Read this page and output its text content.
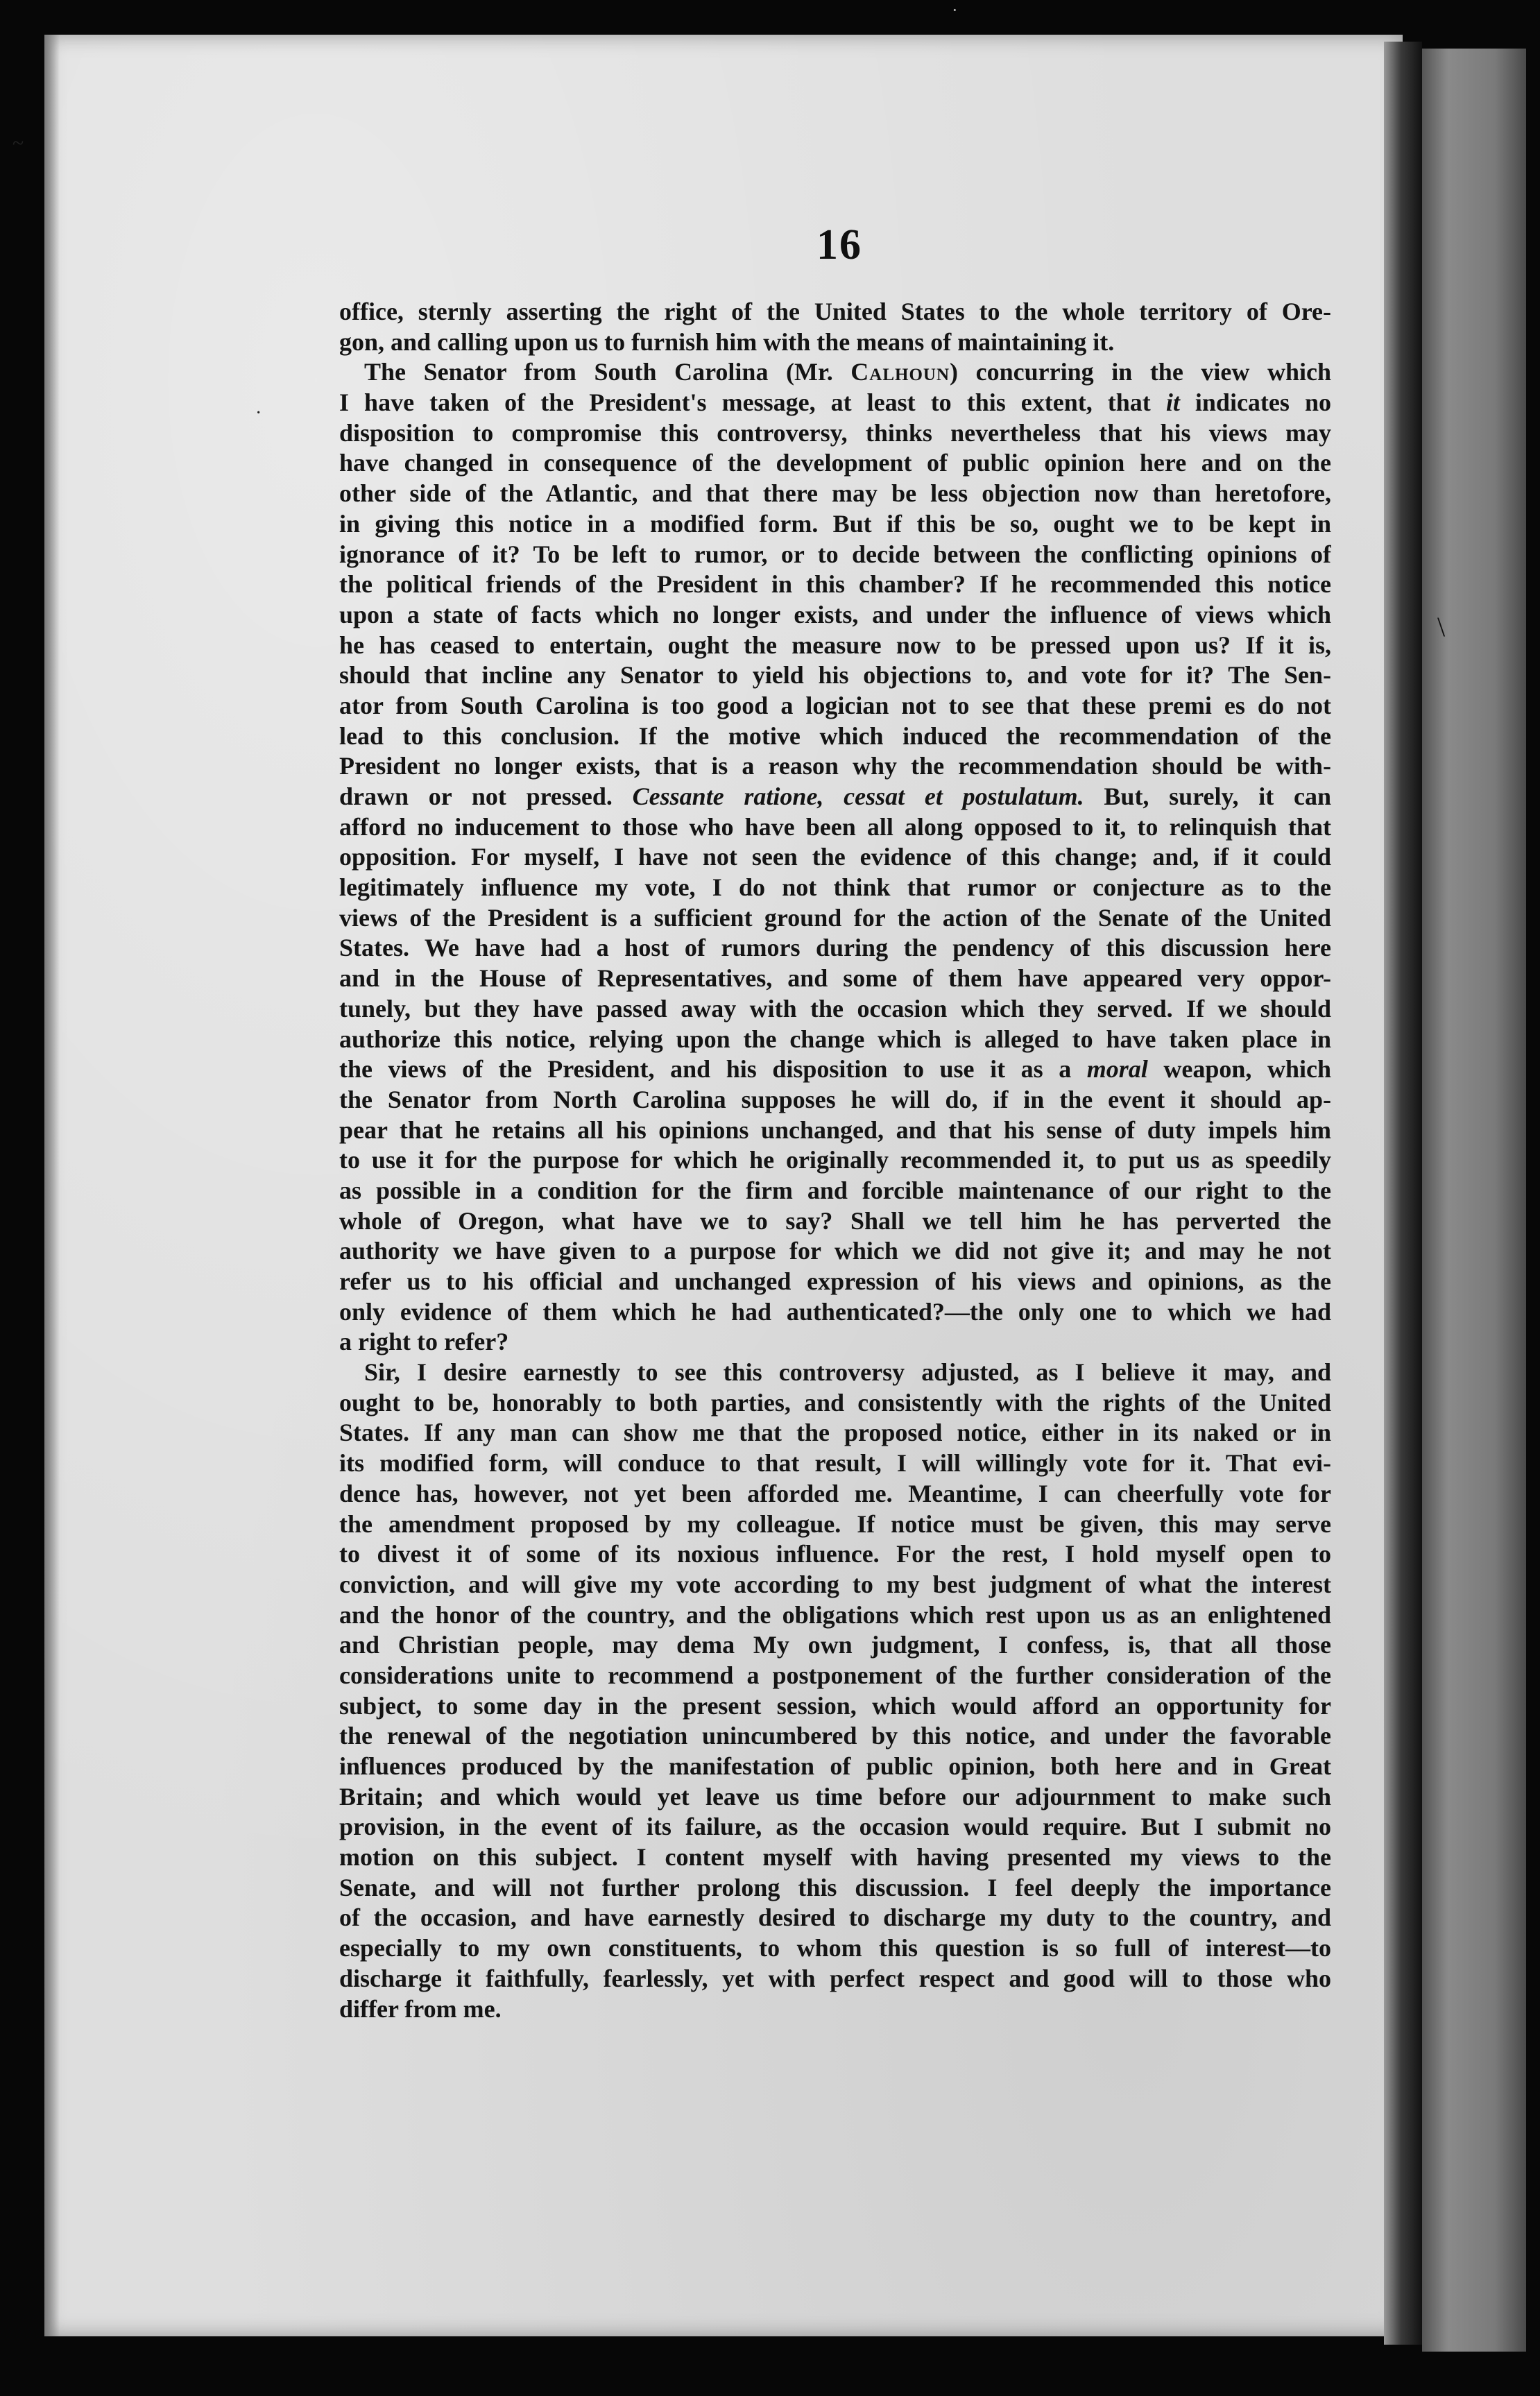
~
·
·
\
16
office, sternly asserting the right of the United States to the whole territory of Ore-
gon, and calling upon us to furnish him with the means of maintaining it.
The Senator from South Carolina (Mr. Calhoun) concurring in the view which
I have taken of the President's message, at least to this extent, that it indicates no
disposition to compromise this controversy, thinks nevertheless that his views may
have changed in consequence of the development of public opinion here and on the
other side of the Atlantic, and that there may be less objection now than heretofore,
in giving this notice in a modified form. But if this be so, ought we to be kept in
ignorance of it? To be left to rumor, or to decide between the conflicting opinions of
the political friends of the President in this chamber? If he recommended this notice
upon a state of facts which no longer exists, and under the influence of views which
he has ceased to entertain, ought the measure now to be pressed upon us? If it is,
should that incline any Senator to yield his objections to, and vote for it? The Sen-
ator from South Carolina is too good a logician not to see that these premi es do not
lead to this conclusion. If the motive which induced the recommendation of the
President no longer exists, that is a reason why the recommendation should be with-
drawn or not pressed. Cessante ratione, cessat et postulatum. But, surely, it can
afford no inducement to those who have been all along opposed to it, to relinquish that
opposition. For myself, I have not seen the evidence of this change; and, if it could
legitimately influence my vote, I do not think that rumor or conjecture as to the
views of the President is a sufficient ground for the action of the Senate of the United
States. We have had a host of rumors during the pendency of this discussion here
and in the House of Representatives, and some of them have appeared very oppor-
tunely, but they have passed away with the occasion which they served. If we should
authorize this notice, relying upon the change which is alleged to have taken place in
the views of the President, and his disposition to use it as a moral weapon, which
the Senator from North Carolina supposes he will do, if in the event it should ap-
pear that he retains all his opinions unchanged, and that his sense of duty impels him
to use it for the purpose for which he originally recommended it, to put us as speedily
as possible in a condition for the firm and forcible maintenance of our right to the
whole of Oregon, what have we to say? Shall we tell him he has perverted the
authority we have given to a purpose for which we did not give it; and may he not
refer us to his official and unchanged expression of his views and opinions, as the
only evidence of them which he had authenticated?—the only one to which we had
a right to refer?
Sir, I desire earnestly to see this controversy adjusted, as I believe it may, and
ought to be, honorably to both parties, and consistently with the rights of the United
States. If any man can show me that the proposed notice, either in its naked or in
its modified form, will conduce to that result, I will willingly vote for it. That evi-
dence has, however, not yet been afforded me. Meantime, I can cheerfully vote for
the amendment proposed by my colleague. If notice must be given, this may serve
to divest it of some of its noxious influence. For the rest, I hold myself open to
conviction, and will give my vote according to my best judgment of what the interest
and the honor of the country, and the obligations which rest upon us as an enlightened
and Christian people, may dema My own judgment, I confess, is, that all those
considerations unite to recommend a postponement of the further consideration of the
subject, to some day in the present session, which would afford an opportunity for
the renewal of the negotiation unincumbered by this notice, and under the favorable
influences produced by the manifestation of public opinion, both here and in Great
Britain; and which would yet leave us time before our adjournment to make such
provision, in the event of its failure, as the occasion would require. But I submit no
motion on this subject. I content myself with having presented my views to the
Senate, and will not further prolong this discussion. I feel deeply the importance
of the occasion, and have earnestly desired to discharge my duty to the country, and
especially to my own constituents, to whom this question is so full of interest—to
discharge it faithfully, fearlessly, yet with perfect respect and good will to those who
differ from me.
